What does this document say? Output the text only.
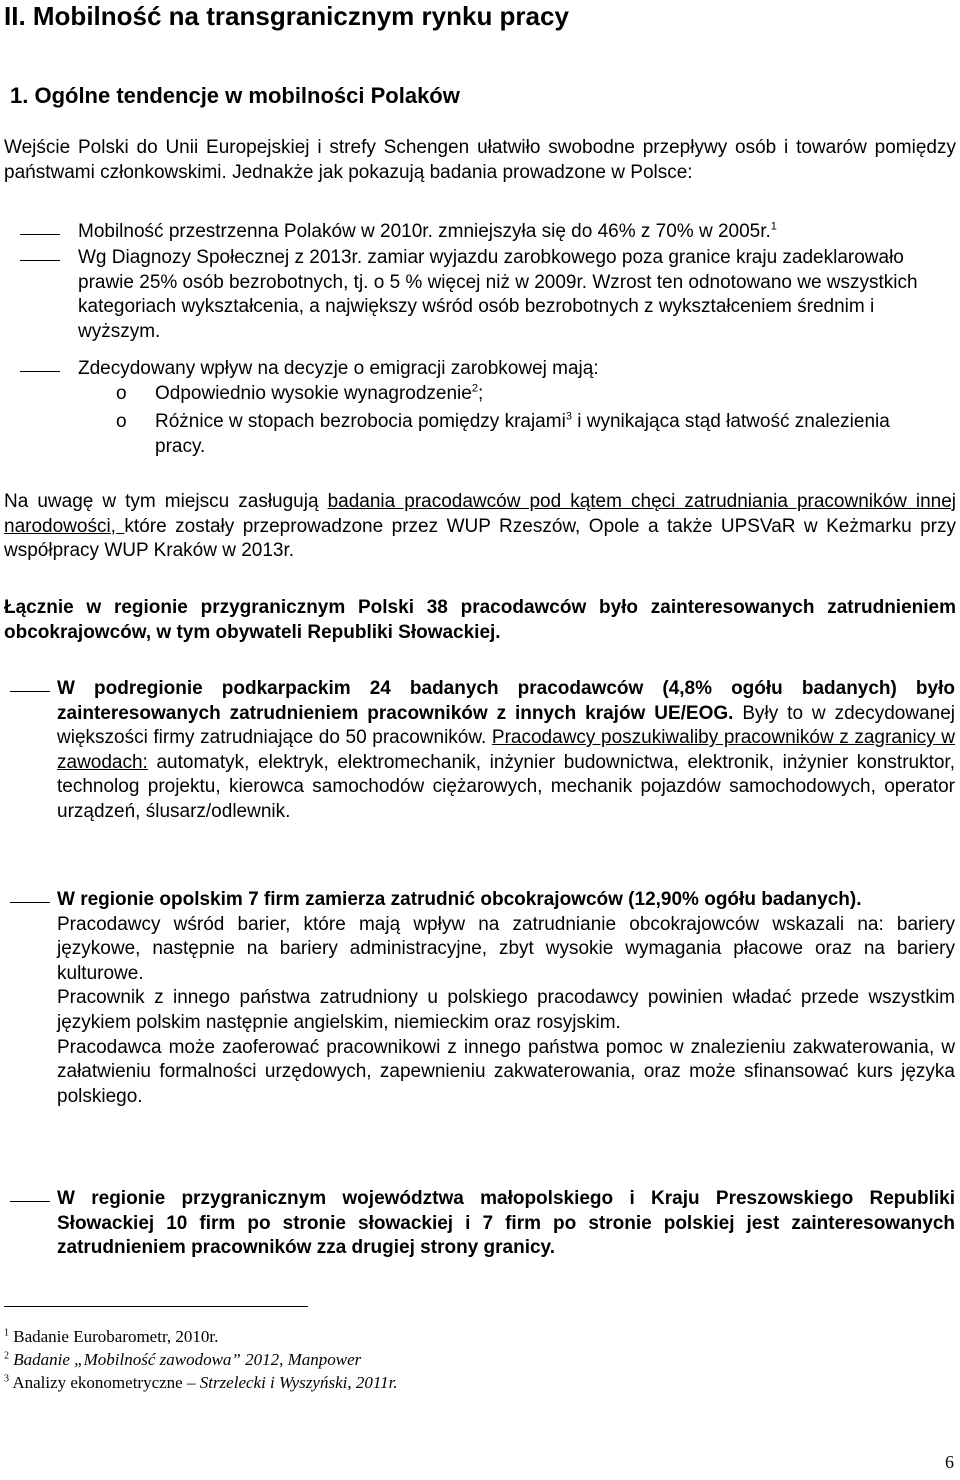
II. Mobilność na transgranicznym rynku pracy
1. Ogólne tendencje w mobilności Polaków
Wejście Polski do Unii Europejskiej i strefy Schengen ułatwiło swobodne przepływy osób i towarów pomiędzy państwami członkowskimi. Jednakże jak pokazują badania prowadzone w Polsce:
Mobilność przestrzenna Polaków w 2010r. zmniejszyła się do 46% z 70% w 2005r.$^1$
Wg Diagnozy Społecznej z 2013r. zamiar wyjazdu zarobkowego poza granice kraju zadeklarowało prawie 25% osób bezrobotnych, tj. o 5 % więcej niż w 2009r. Wzrost ten odnotowano we wszystkich kategoriach wykształcenia, a największy wśród osób bezrobotnych z wykształceniem średnim i wyższym.
Zdecydowany wpływ na decyzje o emigracji zarobkowej mają:
o Odpowiednio wysokie wynagrodzenie$^2$;
o Różnice w stopach bezrobocia pomiędzy krajami$^3$ i wynikająca stąd łatwość znalezienia pracy.
Na uwagę w tym miejscu zasługują badania pracodawców pod kątem chęci zatrudniania pracowników innej narodowości, które zostały przeprowadzone przez WUP Rzeszów, Opole a także UPSVaR w Keżmarku przy współpracy WUP Kraków w 2013r.
Łącznie w regionie przygranicznym Polski 38 pracodawców było zainteresowanych zatrudnieniem obcokrajowców, w tym obywateli Republiki Słowackiej.
W podregionie podkarpackim 24 badanych pracodawców (4,8% ogółu badanych) było zainteresowanych zatrudnieniem pracowników z innych krajów UE/EOG. Były to w zdecydowanej większości firmy zatrudniające do 50 pracowników. Pracodawcy poszukiwaliby pracowników z zagranicy w zawodach: automatyk, elektryk, elektromechanik, inżynier budownictwa, elektronik, inżynier konstruktor, technolog projektu, kierowca samochodów ciężarowych, mechanik pojazdów samochodowych, operator urządzeń, ślusarz/odlewnik.
W regionie opolskim 7 firm zamierza zatrudnić obcokrajowców (12,90% ogółu badanych).
Pracodawcy wśród barier, które mają wpływ na zatrudnianie obcokrajowców wskazali na: bariery językowe, następnie na bariery administracyjne, zbyt wysokie wymagania płacowe oraz na bariery kulturowe.
Pracownik z innego państwa zatrudniony u polskiego pracodawcy powinien władać przede wszystkim językiem polskim następnie angielskim, niemieckim oraz rosyjskim.
Pracodawca może zaoferować pracownikowi z innego państwa pomoc w znalezieniu zakwaterowania, w załatwieniu formalności urzędowych, zapewnieniu zakwaterowania, oraz może sfinansować kurs języka polskiego.
W regionie przygranicznym województwa małopolskiego i Kraju Preszowskiego Republiki Słowackiej 10 firm po stronie słowackiej i 7 firm po stronie polskiej jest zainteresowanych zatrudnieniem pracowników zza drugiej strony granicy.
$^1$ Badanie Eurobarometr, 2010r.
$^2$ Badanie „Mobilność zawodowa” 2012, Manpower
$^3$ Analizy ekonometryczne – Strzelecki i Wyszyński, 2011r.
6
